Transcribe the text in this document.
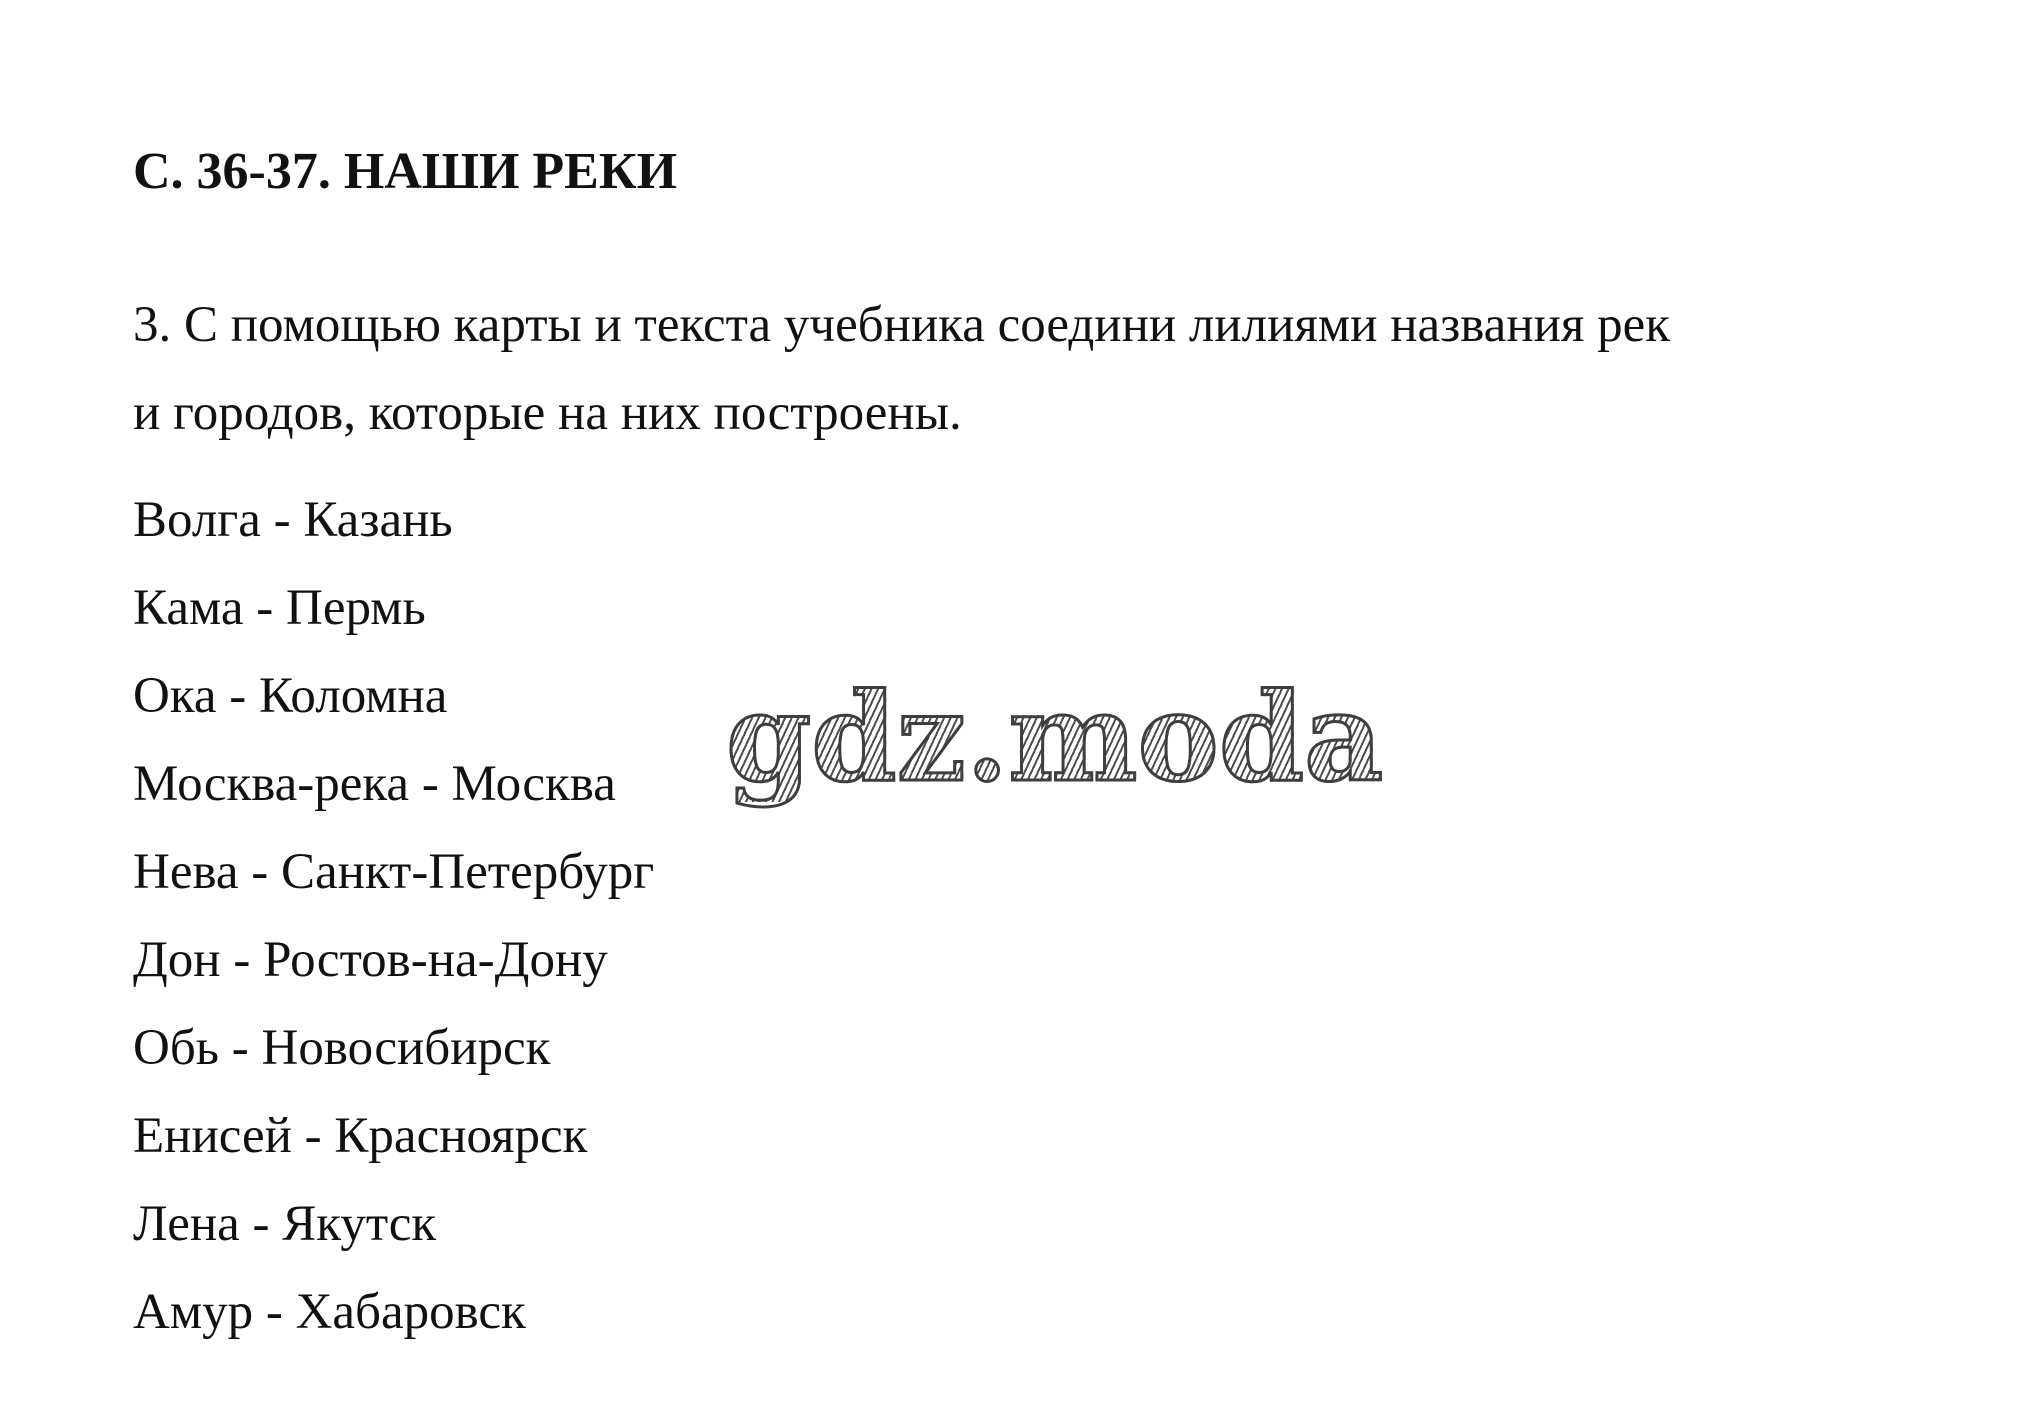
С. 36-37. НАШИ РЕКИ

3. С помощью карты и текста учебника соедини лилиями названия рек
и городов, которые на них построены.

Волга - Казань
Кама - Пермь
Ока - Коломна
Москва-река - Москва
Нева - Санкт-Петербург
Дон - Ростов-на-Дону
Обь - Новосибирск
Енисей - Красноярск
Лена - Якутск
Амур - Хабаровск
gdz.moda
